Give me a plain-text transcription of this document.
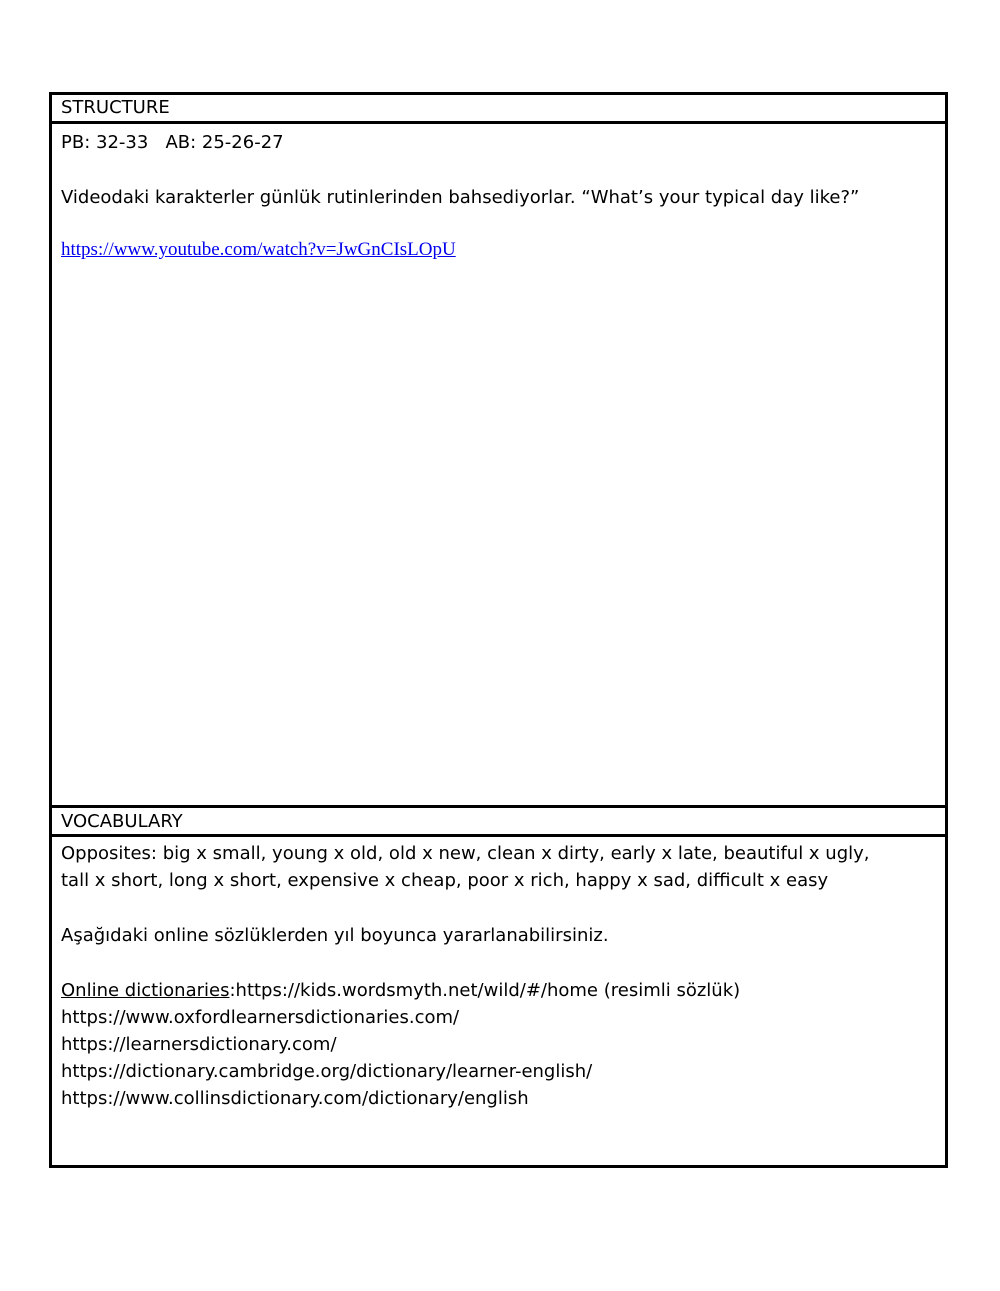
STRUCTURE
PB: 32-33   AB: 25-26-27
Videodaki karakterler günlük rutinlerinden bahsediyorlar. “What’s your typical day like?”
https://www.youtube.com/watch?v=JwGnCIsLOpU
VOCABULARY
Opposites: big x small, young x old, old x new, clean x dirty, early x late, beautiful x ugly,
tall x short, long x short, expensive x cheap, poor x rich, happy x sad, difficult x easy
Aşağıdaki online sözlüklerden yıl boyunca yararlanabilirsiniz.
Online dictionaries:https://kids.wordsmyth.net/wild/#/home (resimli sözlük)
https://www.oxfordlearnersdictionaries.com/
https://learnersdictionary.com/
https://dictionary.cambridge.org/dictionary/learner-english/
https://www.collinsdictionary.com/dictionary/english
